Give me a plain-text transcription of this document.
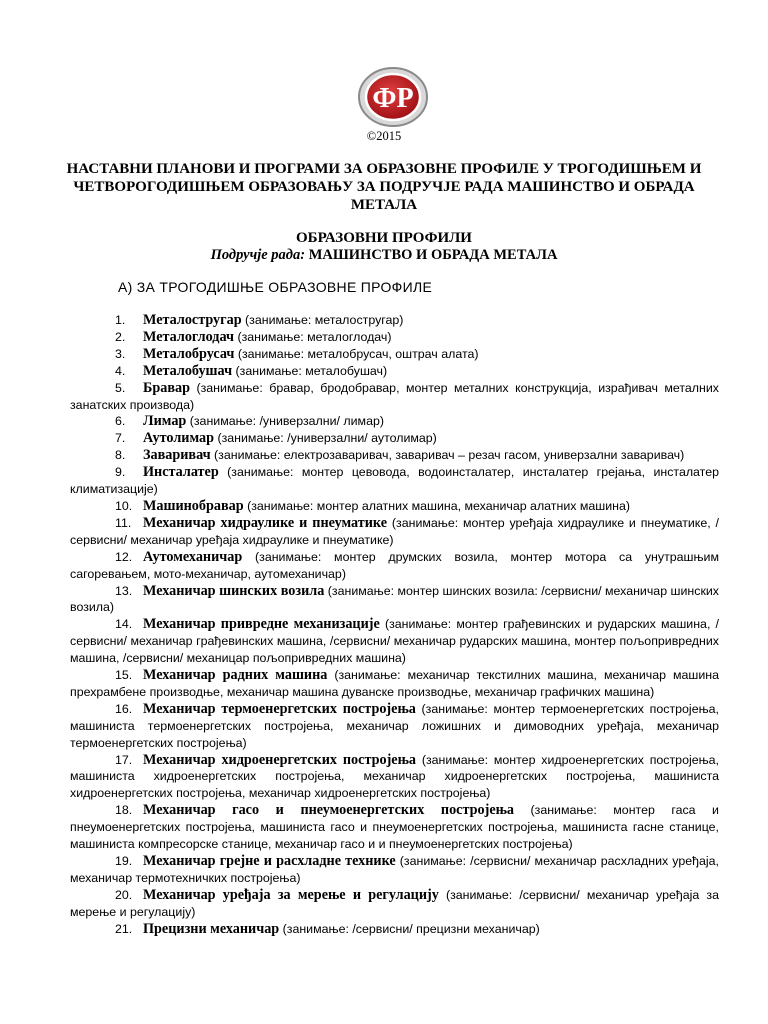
ФР
©2015
НАСТАВНИ ПЛАНОВИ И ПРОГРАМИ ЗА ОБРАЗОВНЕ ПРОФИЛЕ У ТРОГОДИШЊЕМ И ЧЕТВОРОГОДИШЊЕМ ОБРАЗОВАЊУ ЗА ПОДРУЧЈЕ РАДА МАШИНСТВО И ОБРАДА МЕТАЛА
ОБРАЗОВНИ ПРОФИЛИ
Подручје рада: МАШИНСТВО И ОБРАДА МЕТАЛА
А) ЗА ТРОГОДИШЊЕ ОБРАЗОВНЕ ПРОФИЛЕ
1. Металостругар (занимање: металостругар)
2. Металоглодач (занимање: металоглодач)
3. Металобрусач (занимање: металобрусач, оштрач алата)
4. Металобушач (занимање: металобушач)
5. Бравар (занимање: бравар, бродобравар, монтер металних конструкција, израђивач металних занатских производа)
6. Лимар (занимање: /универзални/ лимар)
7. Аутолимар (занимање: /универзални/ аутолимар)
8. Заваривач (занимање: електрозаваривач, заваривач – резач гасом, универзални заваривач)
9. Инсталатер (занимање: монтер цевовода, водоинсталатер, инсталатер грејања, инсталатер климатизације)
10. Машинобравар (занимање: монтер алатних машина, механичар алатних машина)
11. Механичар хидраулике и пнеуматике (занимање: монтер уређаја хидраулике и пнеуматике, /сервисни/ механичар уређаја хидраулике и пнеуматике)
12. Аутомеханичар (занимање: монтер друмских возила, монтер мотора са унутрашњим сагоревањем, мото-механичар, аутомеханичар)
13. Механичар шинских возила (занимање: монтер шинских возила: /сервисни/ механичар шинских возила)
14. Механичар привредне механизације (занимање: монтер грађевинских и рударских машина, /сервисни/ механичар грађевинских машина, /сервисни/ механичар рударских машина, монтер пољопривредних машина, /сервисни/ механицар пољопривредних машина)
15. Механичар радних машина (занимање: механичар текстилних машина, механичар машина прехрамбене производње, механичар машина дуванске производње, механичар графичких машина)
16. Механичар термоенергетских постројења (занимање: монтер термоенергетских постројења, машиниста термоенергетских постројења, механичар ложишних и димоводних уређаја, механичар термоенергетских постројења)
17. Механичар хидроенергетских постројења (занимање: монтер хидроенергетских постројења, машиниста хидроенергетских постројења, механичар хидроенергетских постројења, машиниста хидроенергетских постројења, механичар хидроенергетских постројења)
18. Механичар гасо и пнеумоенергетских постројења (занимање: монтер гаса и пнеумоенергетских постројења, машиниста гасо и пнеумоенергетских постројења, машиниста гасне станице, машиниста компресорске станице, механичар гасо и и пнеумоенергетских постројења)
19. Механичар грејне и расхладне технике (занимање: /сервисни/ механичар расхладних уређаја, механичар термотехничких постројења)
20. Механичар уређаја за мерење и регулацију (занимање: /сервисни/ механичар уређаја за мерење и регулацију)
21. Прецизни механичар (занимање: /сервисни/ прецизни механичар)
